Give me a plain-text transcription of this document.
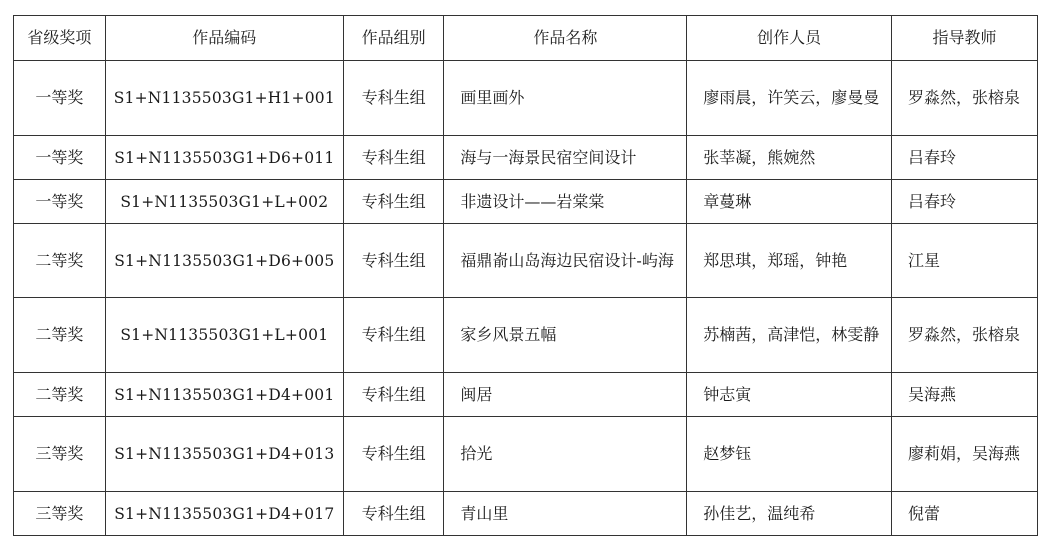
省级奖项	作品编码	作品组别	作品名称	创作人员	指导教师
一等奖	S1+N1135503G1+H1+001	专科生组	画里画外	廖雨晨，许笑云，廖曼曼	罗淼然，张榕泉
一等奖	S1+N1135503G1+D6+011	专科生组	海与一海景民宿空间设计	张莘凝，熊婉然	吕春玲
一等奖	S1+N1135503G1+L+002	专科生组	非遗设计——岩棠棠	章蔓琳	吕春玲
二等奖	S1+N1135503G1+D6+005	专科生组	福鼎嵛山岛海边民宿设计-屿海	郑思琪，郑瑶，钟艳	江星
二等奖	S1+N1135503G1+L+001	专科生组	家乡风景五幅	苏楠茜，高津恺，林雯静	罗淼然，张榕泉
二等奖	S1+N1135503G1+D4+001	专科生组	闽居	钟志寅	吴海燕
三等奖	S1+N1135503G1+D4+013	专科生组	拾光	赵梦钰	廖莉娟，吴海燕
三等奖	S1+N1135503G1+D4+017	专科生组	青山里	孙佳艺，温纯希	倪蕾
